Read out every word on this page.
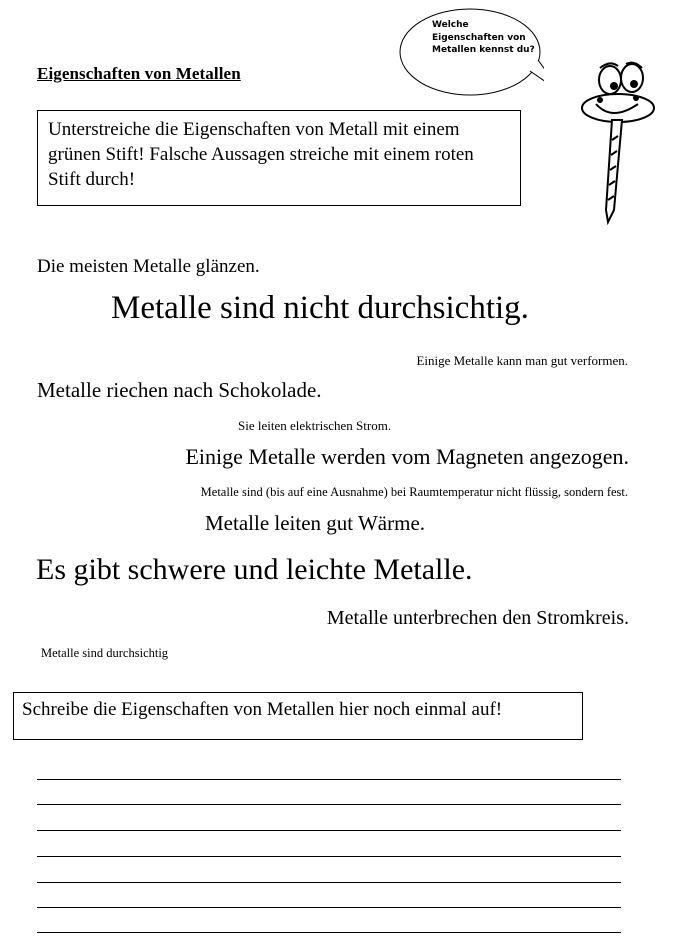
Eigenschaften von Metallen
Unterstreiche die Eigenschaften von Metall mit einem grünen Stift! Falsche Aussagen streiche mit einem roten Stift durch!
Welche Eigenschaften von Metallen kennst du?
Die meisten Metalle glänzen.
Metalle sind nicht durchsichtig.
Einige Metalle kann man gut verformen.
Metalle riechen nach Schokolade.
Sie leiten elektrischen Strom.
Einige Metalle werden vom Magneten angezogen.
Metalle sind (bis auf eine Ausnahme) bei Raumtemperatur nicht flüssig, sondern fest.
Metalle leiten gut Wärme.
Es gibt schwere und leichte Metalle.
Metalle unterbrechen den Stromkreis.
Metalle sind durchsichtig
Schreibe die Eigenschaften von Metallen hier noch einmal auf!
